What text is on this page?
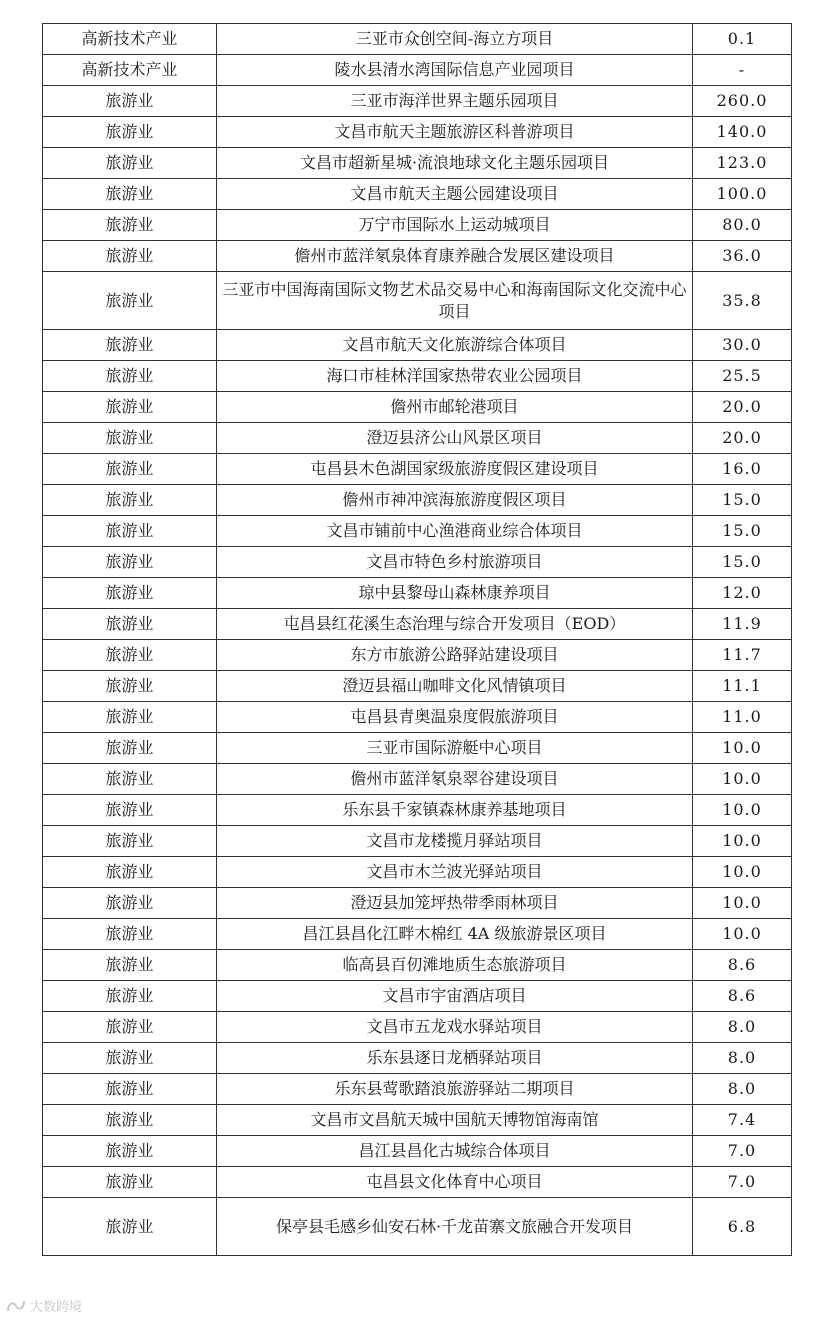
高新技术产业	三亚市众创空间-海立方项目	0.1
高新技术产业	陵水县清水湾国际信息产业园项目	-
旅游业	三亚市海洋世界主题乐园项目	260.0
旅游业	文昌市航天主题旅游区科普游项目	140.0
旅游业	文昌市超新星城·流浪地球文化主题乐园项目	123.0
旅游业	文昌市航天主题公园建设项目	100.0
旅游业	万宁市国际水上运动城项目	80.0
旅游业	儋州市蓝洋氡泉体育康养融合发展区建设项目	36.0
旅游业	三亚市中国海南国际文物艺术品交易中心和海南国际文化交流中心项目	35.8
旅游业	文昌市航天文化旅游综合体项目	30.0
旅游业	海口市桂林洋国家热带农业公园项目	25.5
旅游业	儋州市邮轮港项目	20.0
旅游业	澄迈县济公山风景区项目	20.0
旅游业	屯昌县木色湖国家级旅游度假区建设项目	16.0
旅游业	儋州市神冲滨海旅游度假区项目	15.0
旅游业	文昌市铺前中心渔港商业综合体项目	15.0
旅游业	文昌市特色乡村旅游项目	15.0
旅游业	琼中县黎母山森林康养项目	12.0
旅游业	屯昌县红花溪生态治理与综合开发项目（EOD）	11.9
旅游业	东方市旅游公路驿站建设项目	11.7
旅游业	澄迈县福山咖啡文化风情镇项目	11.1
旅游业	屯昌县青奥温泉度假旅游项目	11.0
旅游业	三亚市国际游艇中心项目	10.0
旅游业	儋州市蓝洋氡泉翠谷建设项目	10.0
旅游业	乐东县千家镇森林康养基地项目	10.0
旅游业	文昌市龙楼揽月驿站项目	10.0
旅游业	文昌市木兰波光驿站项目	10.0
旅游业	澄迈县加笼坪热带季雨林项目	10.0
旅游业	昌江县昌化江畔木棉红 4A 级旅游景区项目	10.0
旅游业	临高县百仞滩地质生态旅游项目	8.6
旅游业	文昌市宇宙酒店项目	8.6
旅游业	文昌市五龙戏水驿站项目	8.0
旅游业	乐东县逐日龙栖驿站项目	8.0
旅游业	乐东县莺歌踏浪旅游驿站二期项目	8.0
旅游业	文昌市文昌航天城中国航天博物馆海南馆	7.4
旅游业	昌江县昌化古城综合体项目	7.0
旅游业	屯昌县文化体育中心项目	7.0
旅游业	保亭县毛感乡仙安石林·千龙苗寨文旅融合开发项目	6.8
大数跨境
